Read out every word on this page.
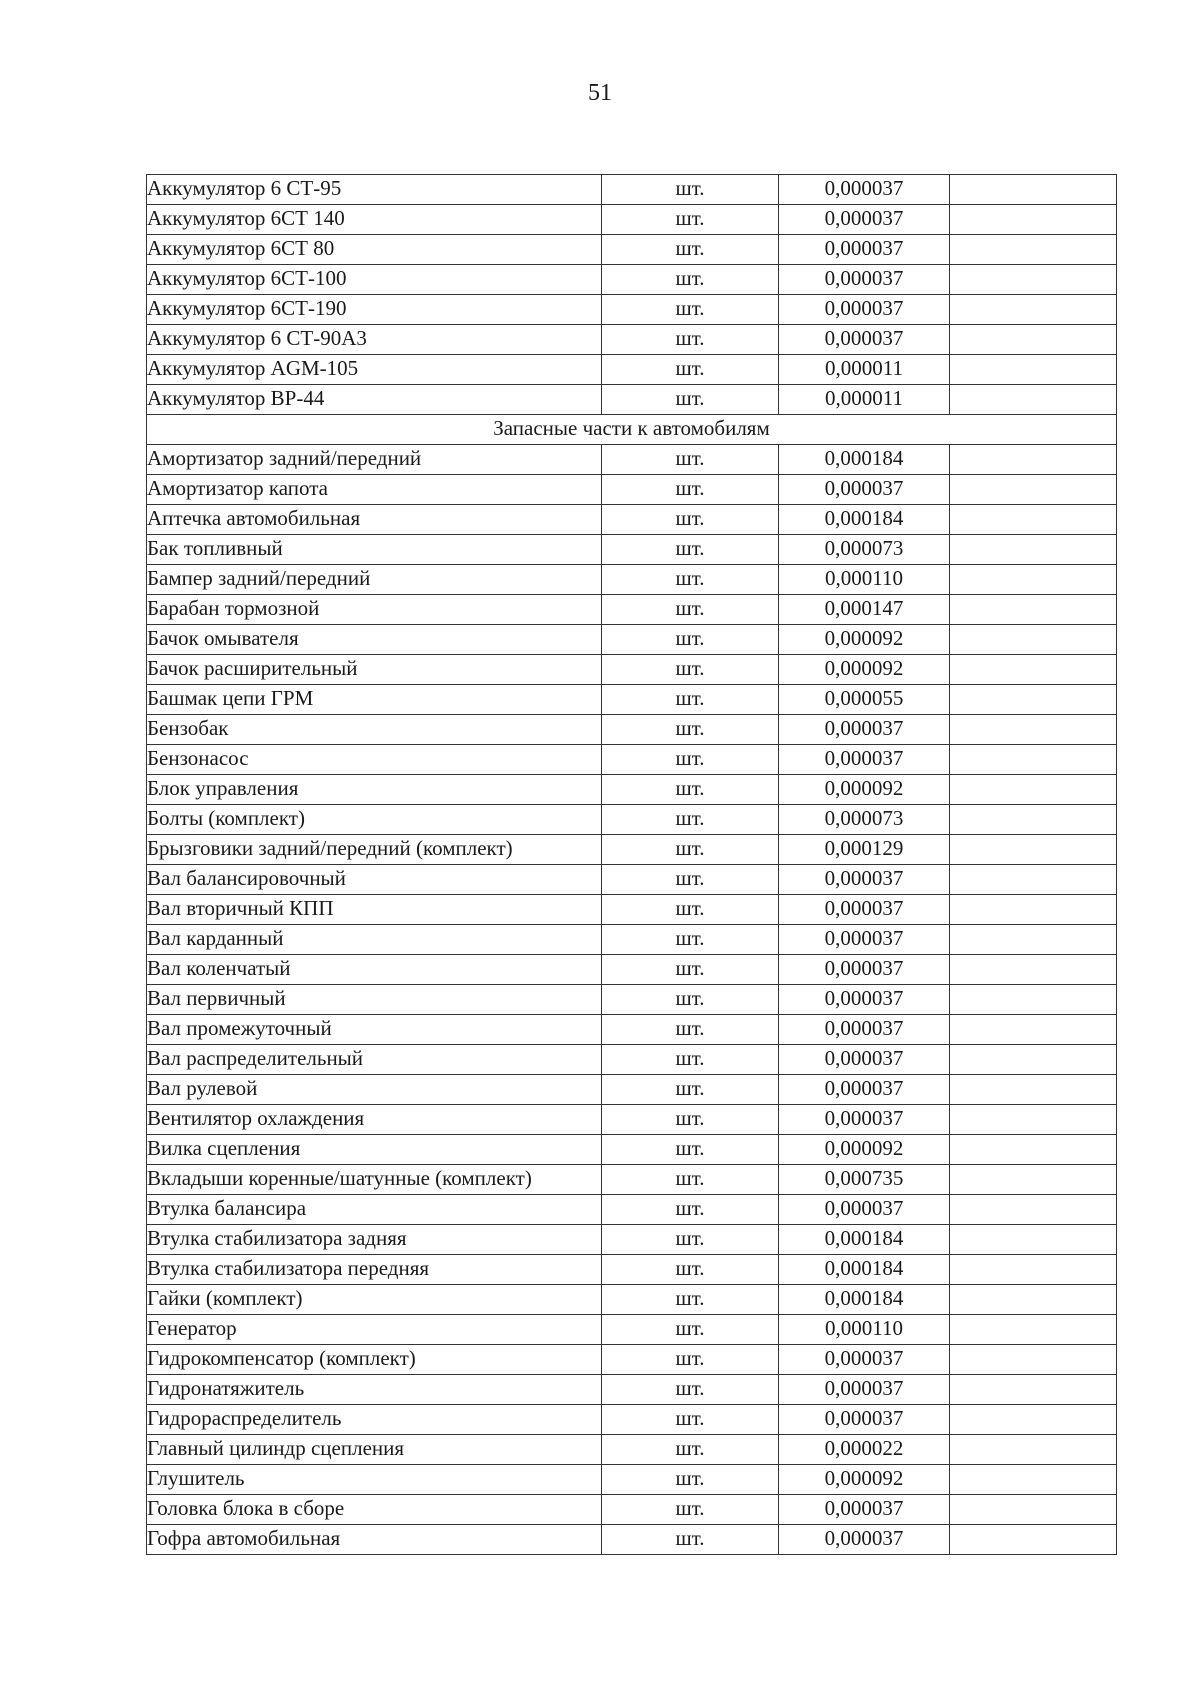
51
Аккумулятор 6 СТ-95	шт.	0,000037	
Аккумулятор 6СТ 140	шт.	0,000037	
Аккумулятор 6СТ 80	шт.	0,000037	
Аккумулятор 6СТ-100	шт.	0,000037	
Аккумулятор 6СТ-190	шт.	0,000037	
Аккумулятор 6 СТ-90А3	шт.	0,000037	
Аккумулятор AGM-105	шт.	0,000011	
Аккумулятор ВР-44	шт.	0,000011	
Запасные части к автомобилям			
Амортизатор задний/передний	шт.	0,000184	
Амортизатор капота	шт.	0,000037	
Аптечка автомобильная	шт.	0,000184	
Бак топливный	шт.	0,000073	
Бампер задний/передний	шт.	0,000110	
Барабан тормозной	шт.	0,000147	
Бачок омывателя	шт.	0,000092	
Бачок расширительный	шт.	0,000092	
Башмак цепи ГРМ	шт.	0,000055	
Бензобак	шт.	0,000037	
Бензонасос	шт.	0,000037	
Блок управления	шт.	0,000092	
Болты (комплект)	шт.	0,000073	
Брызговики задний/передний (комплект)	шт.	0,000129	
Вал балансировочный	шт.	0,000037	
Вал вторичный КПП	шт.	0,000037	
Вал карданный	шт.	0,000037	
Вал коленчатый	шт.	0,000037	
Вал первичный	шт.	0,000037	
Вал промежуточный	шт.	0,000037	
Вал распределительный	шт.	0,000037	
Вал рулевой	шт.	0,000037	
Вентилятор охлаждения	шт.	0,000037	
Вилка сцепления	шт.	0,000092	
Вкладыши коренные/шатунные (комплект)	шт.	0,000735	
Втулка балансира	шт.	0,000037	
Втулка стабилизатора задняя	шт.	0,000184	
Втулка стабилизатора передняя	шт.	0,000184	
Гайки (комплект)	шт.	0,000184	
Генератор	шт.	0,000110	
Гидрокомпенсатор (комплект)	шт.	0,000037	
Гидронатяжитель	шт.	0,000037	
Гидрораспределитель	шт.	0,000037	
Главный цилиндр сцепления	шт.	0,000022	
Глушитель	шт.	0,000092	
Головка блока в сборе	шт.	0,000037	
Гофра автомобильная	шт.	0,000037	
